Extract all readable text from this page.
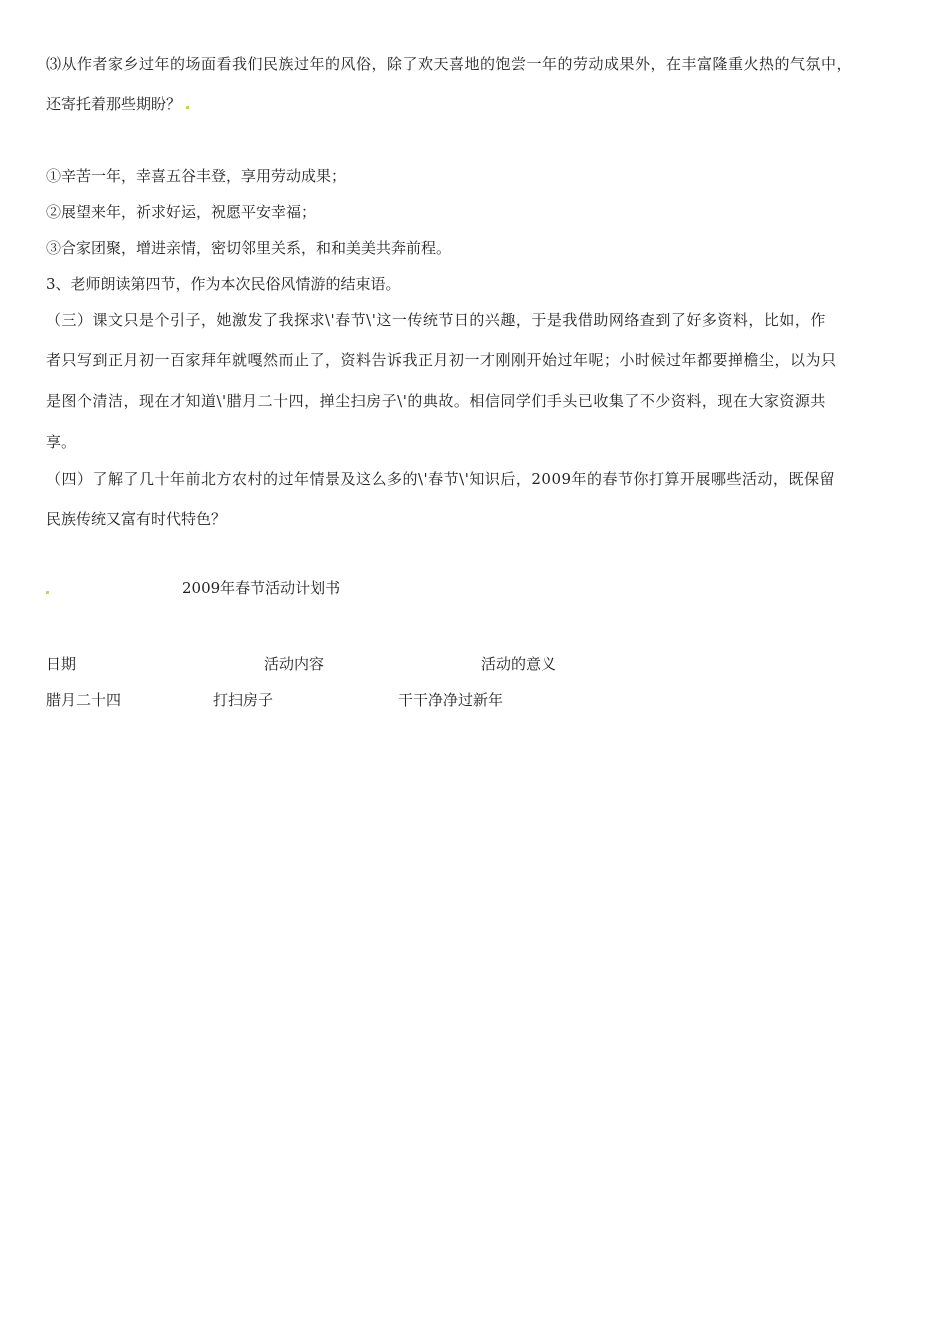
⑶从作者家乡过年的场面看我们民族过年的风俗，除了欢天喜地的饱尝一年的劳动成果外，在丰富隆重火热的气氛中，
还寄托着那些期盼？
①辛苦一年，幸喜五谷丰登，享用劳动成果；
②展望来年，祈求好运，祝愿平安幸福；
③合家团聚，增进亲情，密切邻里关系，和和美美共奔前程。
3、老师朗读第四节，作为本次民俗风情游的结束语。
（三）课文只是个引子，她激发了我探求\'春节\'这一传统节日的兴趣，于是我借助网络查到了好多资料，比如，作
者只写到正月初一百家拜年就嘎然而止了，资料告诉我正月初一才刚刚开始过年呢；小时候过年都要掸檐尘，以为只
是图个清洁，现在才知道\'腊月二十四，掸尘扫房子\'的典故。相信同学们手头已收集了不少资料，现在大家资源共
享。
（四）了解了几十年前北方农村的过年情景及这么多的\'春节\'知识后，2009年的春节你打算开展哪些活动，既保留
民族传统又富有时代特色？
2009年春节活动计划书
日期	活动内容	活动的意义
腊月二十四	打扫房子	干干净净过新年
